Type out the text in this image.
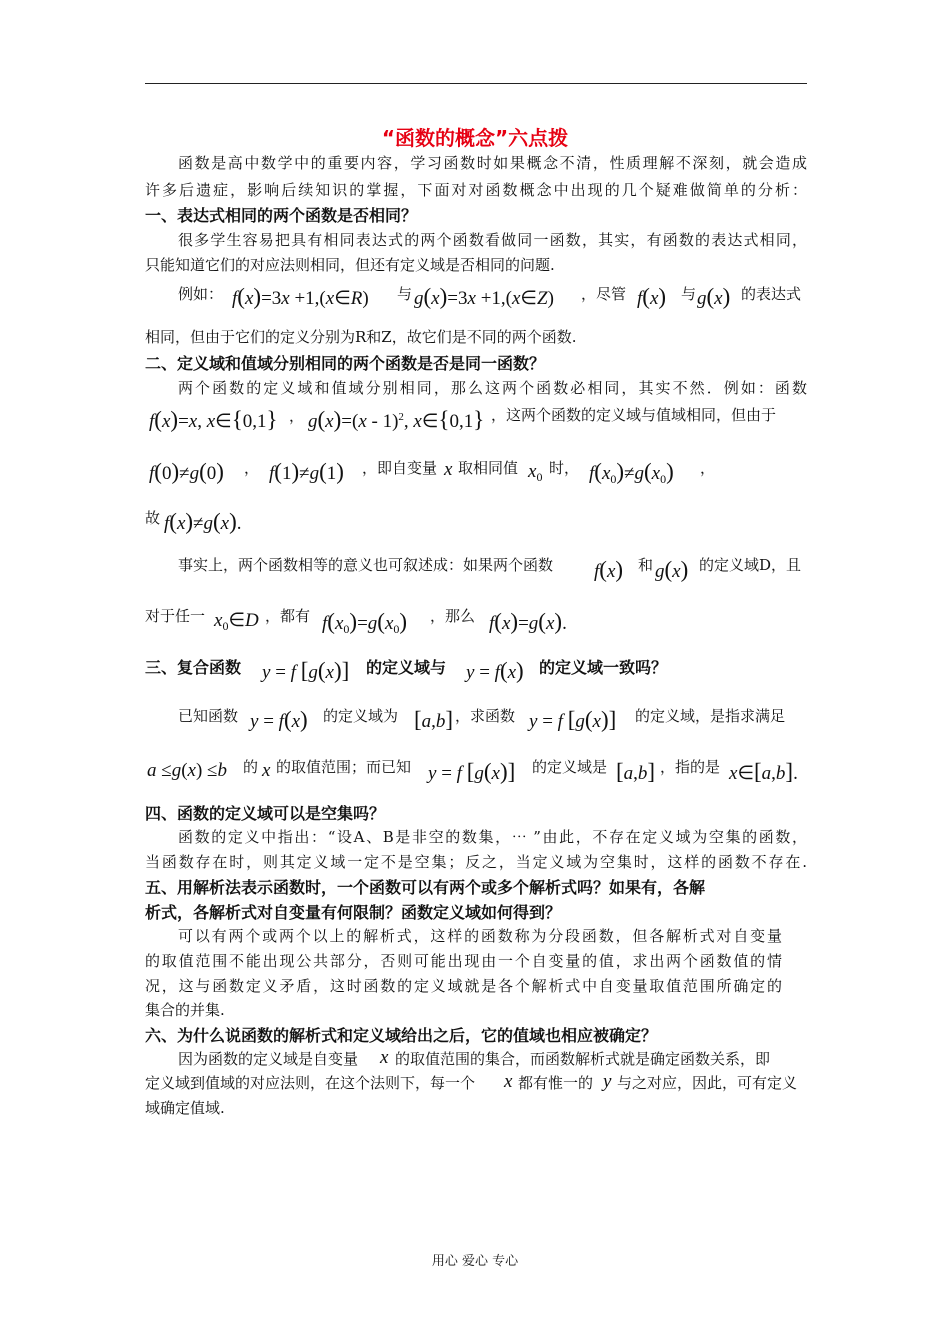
“函数的概念”六点拨
函数是高中数学中的重要内容，学习函数时如果概念不清，性质理解不深刻，就会造成
许多后遗症，影响后续知识的掌握，下面对对函数概念中出现的几个疑难做简单的分析：
一、表达式相同的两个函数是否相同？
很多学生容易把具有相同表达式的两个函数看做同一函数，其实，有函数的表达式相同，
只能知道它们的对应法则相同，但还有定义域是否相同的问题.
例如： f(x)=3x +1,(x∈R) 与 g(x)=3x +1,(x∈Z) ，尽管 f(x) 与 g(x) 的表达式
相同，但由于它们的定义分别为R和Z，故它们是不同的两个函数.
二、定义域和值域分别相同的两个函数是否是同一函数？
两个函数的定义域和值域分别相同，那么这两个函数必相同，其实不然．例如：函数
f(x)=x, x∈{0,1} ， g(x)=(x - 1)$^2$, x∈{0,1} ，这两个函数的定义域与值域相同，但由于
f(0)≠g(0) ， f(1)≠g(1) ，即自变量 x 取相同值 $x_0$ 时， $f(x_0)\ne g(x_0)$ ，
故 f(x)≠g(x).
事实上，两个函数相等的意义也可叙述成：如果两个函数 f(x) 和 g(x) 的定义域D，且
对于任一 $x_0\in D$ ，都有 $f(x_0)=g(x_0)$ ，那么 f(x)=g(x).
三、复合函数 y = f [g(x)] 的定义域与 y = f(x) 的定义域一致吗？
已知函数 y = f(x) 的定义域为 [a,b] ，求函数 y = f [g(x)] 的定义域，是指求满足
a ≤g(x) ≤b 的 x 的取值范围；而已知 y = f [g(x)] 的定义域是 [a,b] ，指的是 x∈[a,b].
四、函数的定义域可以是空集吗？
函数的定义中指出：“设A、B是非空的数集，⋯ ”由此，不存在定义域为空集的函数，
当函数存在时，则其定义域一定不是空集；反之，当定义域为空集时，这样的函数不存在.
五、用解析法表示函数时，一个函数可以有两个或多个解析式吗？如果有，各解
析式，各解析式对自变量有何限制？函数定义域如何得到？
可以有两个或两个以上的解析式，这样的函数称为分段函数，但各解析式对自变量
的取值范围不能出现公共部分，否则可能出现由一个自变量的值，求出两个函数值的情
况，这与函数定义矛盾，这时函数的定义域就是各个解析式中自变量取值范围所确定的
集合的并集.
六、为什么说函数的解析式和定义域给出之后，它的值域也相应被确定？
因为函数的定义域是自变量 x 的取值范围的集合，而函数解析式就是确定函数关系，即
定义域到值域的对应法则，在这个法则下，每一个 x 都有惟一的 y 与之对应，因此，可有定义
域确定值域.
用心 爱心 专心
